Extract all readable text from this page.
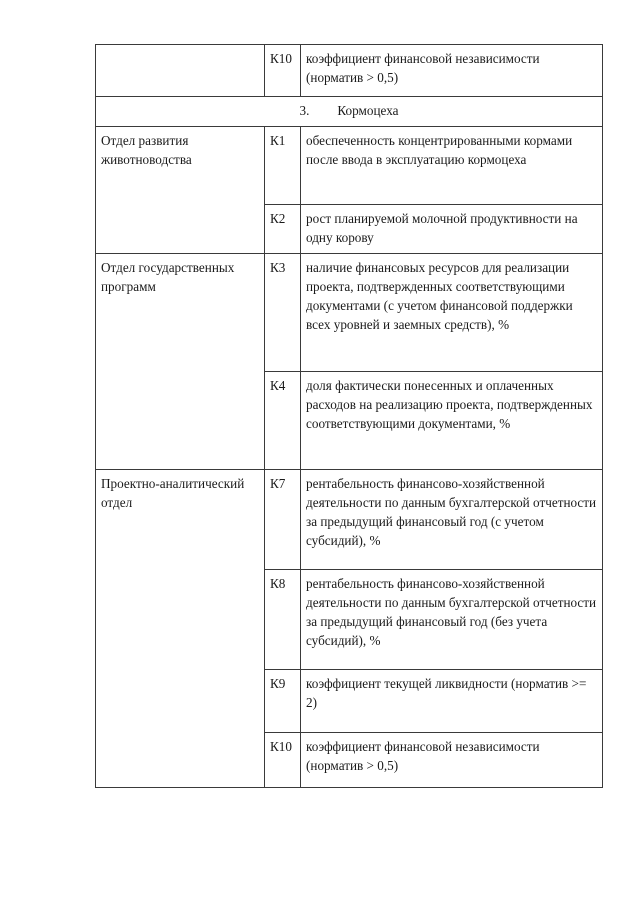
	К10	коэффициент финансовой независимости (норматив > 0,5)
3. Кормоцеха		
Отдел развития животноводства	К1	обеспеченность концентрированными кормами после ввода в эксплуатацию кормоцеха
	К2	рост планируемой молочной продуктивности на одну корову
Отдел государственных программ	К3	наличие финансовых ресурсов для реализации проекта, подтвержденных соответствующими документами (с учетом финансовой поддержки всех уровней и заемных средств), %
	К4	доля фактически понесенных и оплаченных расходов на реализацию проекта, подтвержденных соответствующими документами, %
Проектно-аналитический отдел	К7	рентабельность финансово-хозяйственной деятельности по данным бухгалтерской отчетности за предыдущий финансовый год (с учетом субсидий), %
	К8	рентабельность финансово-хозяйственной деятельности по данным бухгалтерской отчетности за предыдущий финансовый год (без учета субсидий), %
	К9	коэффициент текущей ликвидности (норматив >= 2)
	К10	коэффициент финансовой независимости (норматив > 0,5)
